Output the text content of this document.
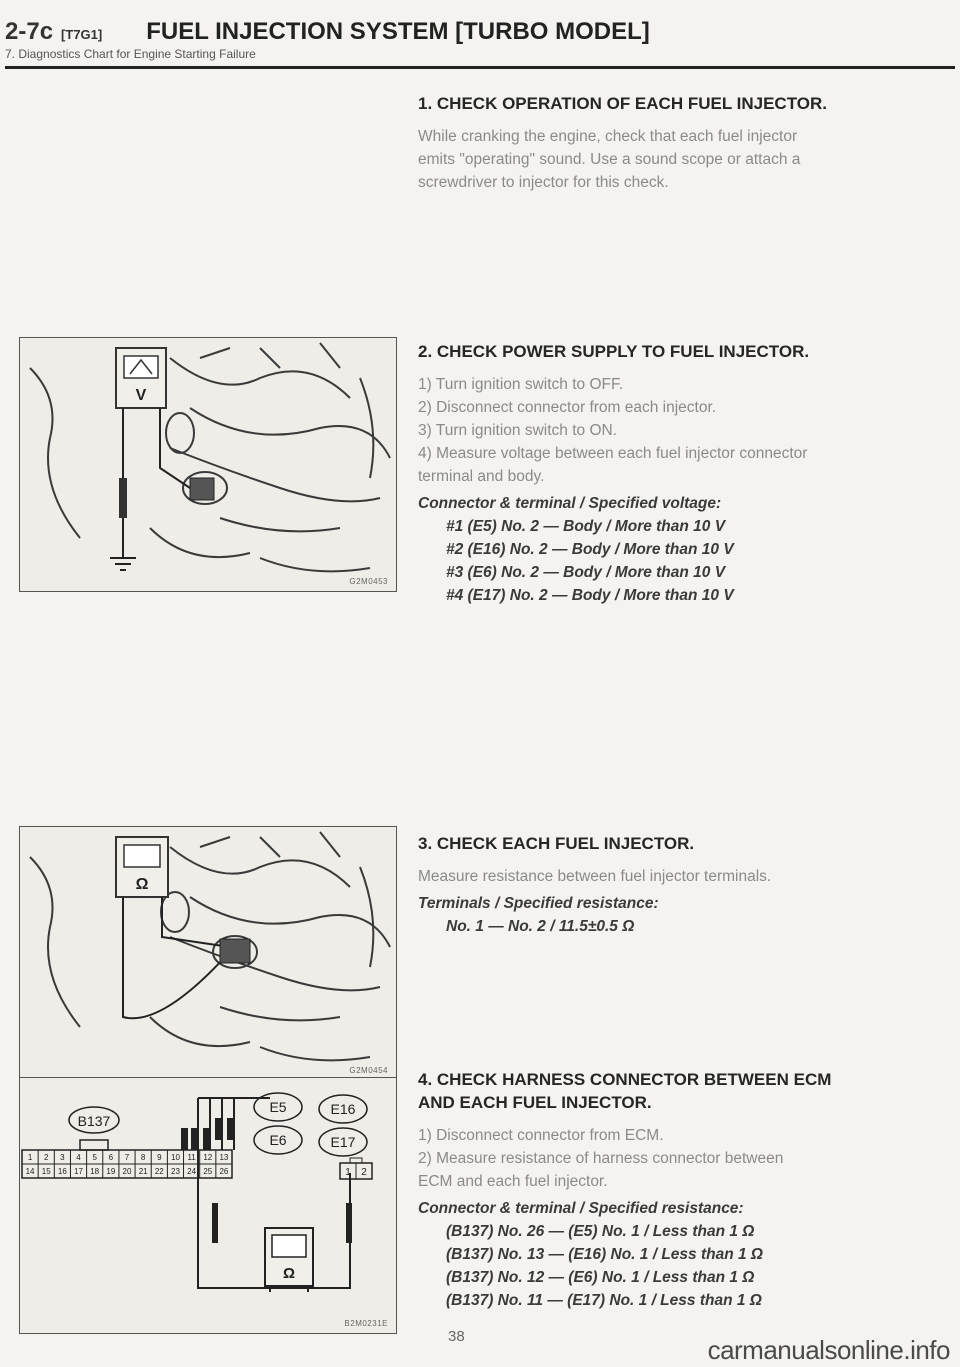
2-7c [T7G1] FUEL INJECTION SYSTEM [TURBO MODEL]
7. Diagnostics Chart for Engine Starting Failure
1. CHECK OPERATION OF EACH FUEL INJECTOR.

While cranking the engine, check that each fuel injector

emits "operating" sound. Use a sound scope or attach a

screwdriver to injector for this check.

2. CHECK POWER SUPPLY TO FUEL INJECTOR.

1) Turn ignition switch to OFF.

2) Disconnect connector from each injector.

3) Turn ignition switch to ON.

4) Measure voltage between each fuel injector connector

terminal and body.

Connector & terminal / Specified voltage:
#1 (E5) No. 2 — Body / More than 10 V
#2 (E16) No. 2 — Body / More than 10 V
#3 (E6) No. 2 — Body / More than 10 V
#4 (E17) No. 2 — Body / More than 10 V
3. CHECK EACH FUEL INJECTOR.

Measure resistance between fuel injector terminals.

Terminals / Specified resistance:
No. 1 — No. 2 / 11.5±0.5 Ω
4. CHECK HARNESS CONNECTOR BETWEEN ECM
AND EACH FUEL INJECTOR.

1) Disconnect connector from ECM.

2) Measure resistance of harness connector between

ECM and each fuel injector.

Connector & terminal / Specified resistance:
(B137) No. 26 — (E5) No. 1 / Less than 1 Ω
(B137) No. 13 — (E16) No. 1 / Less than 1 Ω
(B137) No. 12 — (E6) No. 1 / Less than 1 Ω
(B137) No. 11 — (E17) No. 1 / Less than 1 Ω
V
G2M0453
Ω
G2M0454
B137
1 2 3 4 5 6 7 8 9 10 11 12 13
14 15 16 17 18 19 20 21 22 23 24 25 26
E5	E16
E6	E17
1 2
Ω
B2M0231E
38	carmanualsonline.info
